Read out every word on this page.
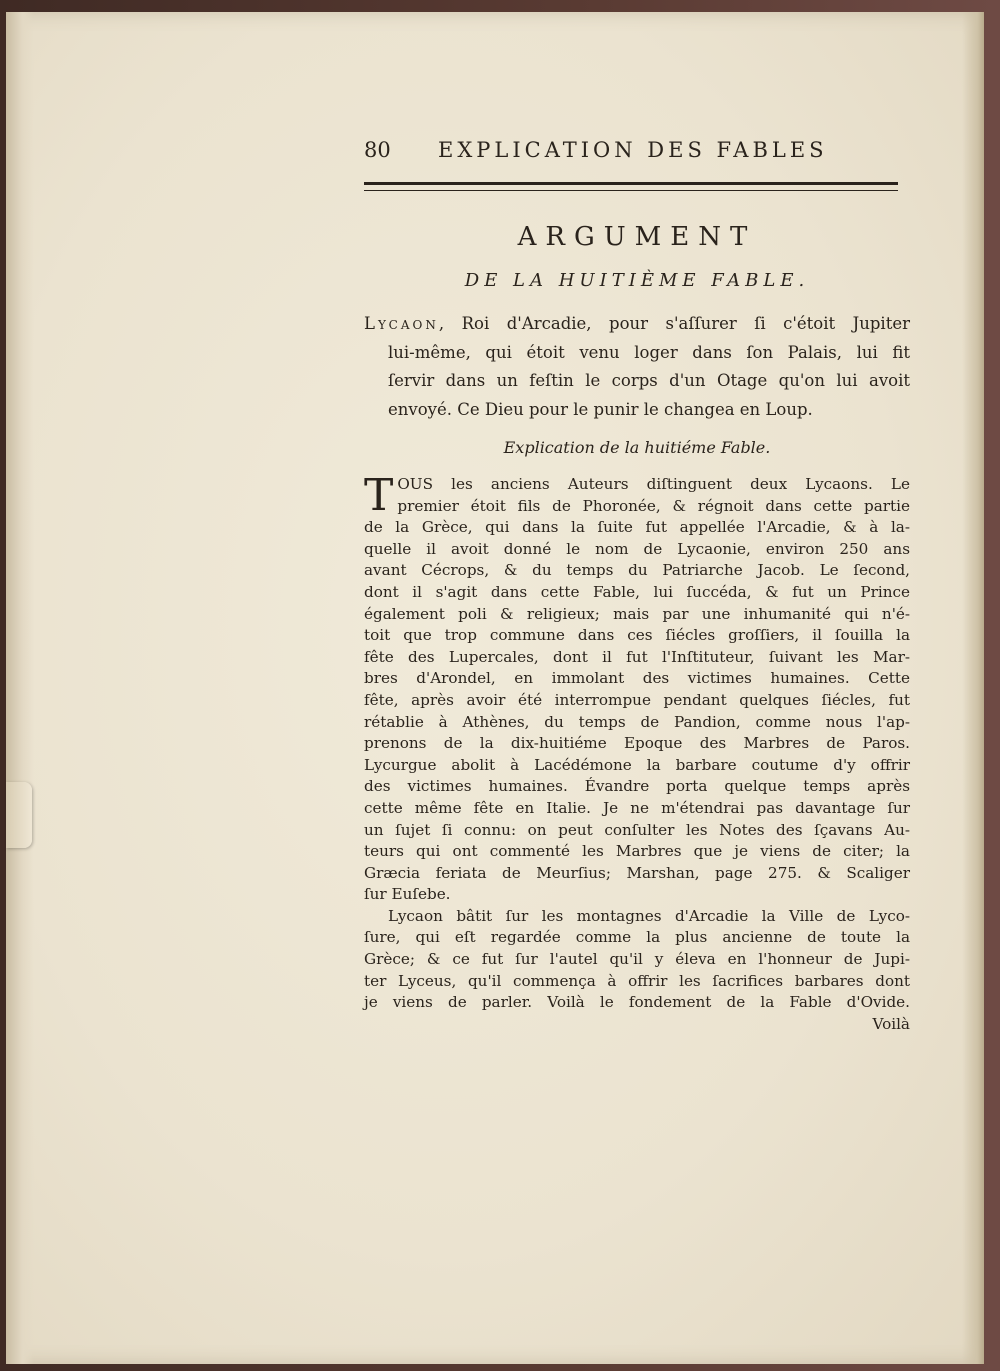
80 EXPLICATION DES FABLES
ARGUMENT
DE LA HUITIÈME FABLE.
Lycaon, Roi d'Arcadie, pour s'aſſurer ſi c'étoit Jupiter
lui-même, qui étoit venu loger dans ſon Palais, lui fit
ſervir dans un feſtin le corps d'un Otage qu'on lui avoit
envoyé. Ce Dieu pour le punir le changea en Loup.
Explication de la huitiéme Fable.
T OUS les anciens Auteurs diſtinguent deux Lycaons. Le
premier étoit fils de Phoronée, & régnoit dans cette partie
de la Grèce, qui dans la ſuite fut appellée l'Arcadie, & à la-
quelle il avoit donné le nom de Lycaonie, environ 250 ans
avant Cécrops, & du temps du Patriarche Jacob. Le ſecond,
dont il s'agit dans cette Fable, lui ſuccéda, & fut un Prince
également poli & religieux; mais par une inhumanité qui n'é-
toit que trop commune dans ces ſiécles groſſiers, il ſouilla la
fête des Lupercales, dont il fut l'Inſtituteur, ſuivant les Mar-
bres d'Arondel, en immolant des victimes humaines. Cette
fête, après avoir été interrompue pendant quelques ſiécles, fut
rétablie à Athènes, du temps de Pandion, comme nous l'ap-
prenons de la dix-huitiéme Epoque des Marbres de Paros.
Lycurgue abolit à Lacédémone la barbare coutume d'y offrir
des victimes humaines. Évandre porta quelque temps après
cette même fête en Italie. Je ne m'étendrai pas davantage ſur
un ſujet ſi connu: on peut conſulter les Notes des ſçavans Au-
teurs qui ont commenté les Marbres que je viens de citer; la
Græcia feriata de Meurſius; Marshan, page 275. & Scaliger
ſur Euſebe.
Lycaon bâtit ſur les montagnes d'Arcadie la Ville de Lyco-
ſure, qui eſt regardée comme la plus ancienne de toute la
Grèce; & ce fut ſur l'autel qu'il y éleva en l'honneur de Jupi-
ter Lyceus, qu'il commença à offrir les ſacrifices barbares dont
je viens de parler. Voilà le fondement de la Fable d'Ovide.
Voilà
